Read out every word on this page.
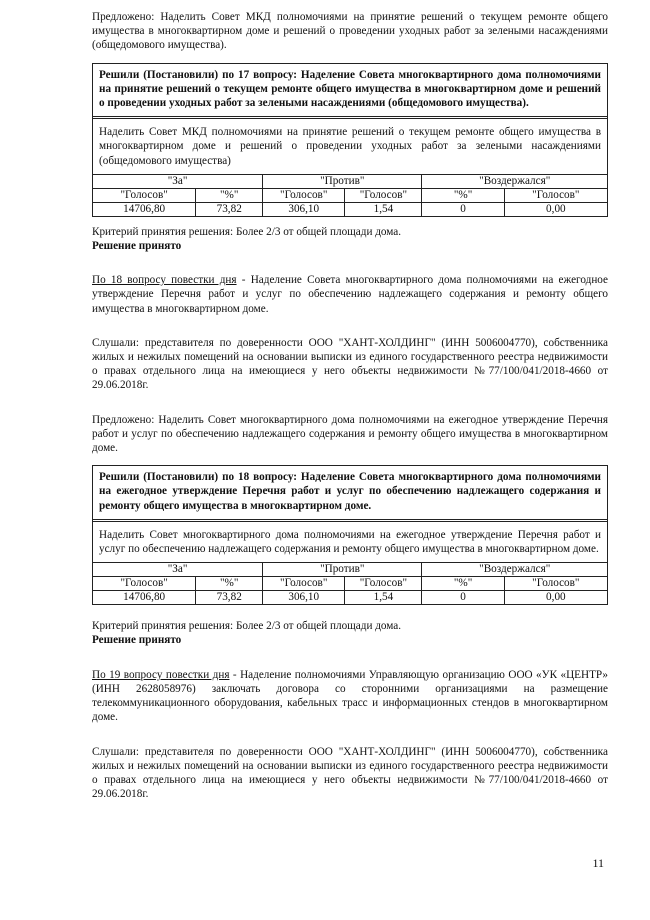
Предложено: Наделить Совет МКД полномочиями на принятие решений о текущем ремонте общего имущества в многоквартирном доме и решений о проведении уходных работ за зелеными насаждениями (общедомового имущества).

Решили (Постановили) по 17 вопросу: Наделение Совета многоквартирного дома полномочиями на принятие решений о текущем ремонте общего имущества в многоквартирном доме и решений о проведении уходных работ за зелеными насаждениями (общедомового имущества).
Наделить Совет МКД полномочиями на принятие решений о текущем ремонте общего имущества в многоквартирном доме и решений о проведении уходных работ за зелеными насаждениями (общедомового имущества)
"За"		"Против"		"Воздержался"	
"Голосов"	"%"	"Голосов"	"Голосов"	"%"	"Голосов"
14706,80	73,82	306,10	1,54	0	0,00

Критерий принятия решения: Более 2/3 от общей площади дома.

Решение принято

По 18 вопросу повестки дня - Наделение Совета многоквартирного дома полномочиями на ежегодное утверждение Перечня работ и услуг по обеспечению надлежащего содержания и ремонту общего имущества в многоквартирном доме.

Слушали: представителя по доверенности ООО "ХАНТ-ХОЛДИНГ" (ИНН 5006004770), собственника жилых и нежилых помещений на основании выписки из единого государственного реестра недвижимости о правах отдельного лица на имеющиеся у него объекты недвижимости №77/100/041/2018-4660 от 29.06.2018г.

Предложено: Наделить Совет многоквартирного дома полномочиями на ежегодное утверждение Перечня работ и услуг по обеспечению надлежащего содержания и ремонту общего имущества в многоквартирном доме.

Решили (Постановили) по 18 вопросу: Наделение Совета многоквартирного дома полномочиями на ежегодное утверждение Перечня работ и услуг по обеспечению надлежащего содержания и ремонту общего имущества в многоквартирном доме.
Наделить Совет многоквартирного дома полномочиями на ежегодное утверждение Перечня работ и услуг по обеспечению надлежащего содержания и ремонту общего имущества в многоквартирном доме.
"За"		"Против"		"Воздержался"	
"Голосов"	"%"	"Голосов"	"Голосов"	"%"	"Голосов"
14706,80	73,82	306,10	1,54	0	0,00

Критерий принятия решения: Более 2/3 от общей площади дома.

Решение принято

По 19 вопросу повестки дня - Наделение полномочиями Управляющую организацию ООО «УК «ЦЕНТР» (ИНН 2628058976) заключать договора со сторонними организациями на размещение телекоммуникационного оборудования, кабельных трасс и информационных стендов в многоквартирном доме.

Слушали: представителя по доверенности ООО "ХАНТ-ХОЛДИНГ" (ИНН 5006004770), собственника жилых и нежилых помещений на основании выписки из единого государственного реестра недвижимости о правах отдельного лица на имеющиеся у него объекты недвижимости №77/100/041/2018-4660 от 29.06.2018г.

11
